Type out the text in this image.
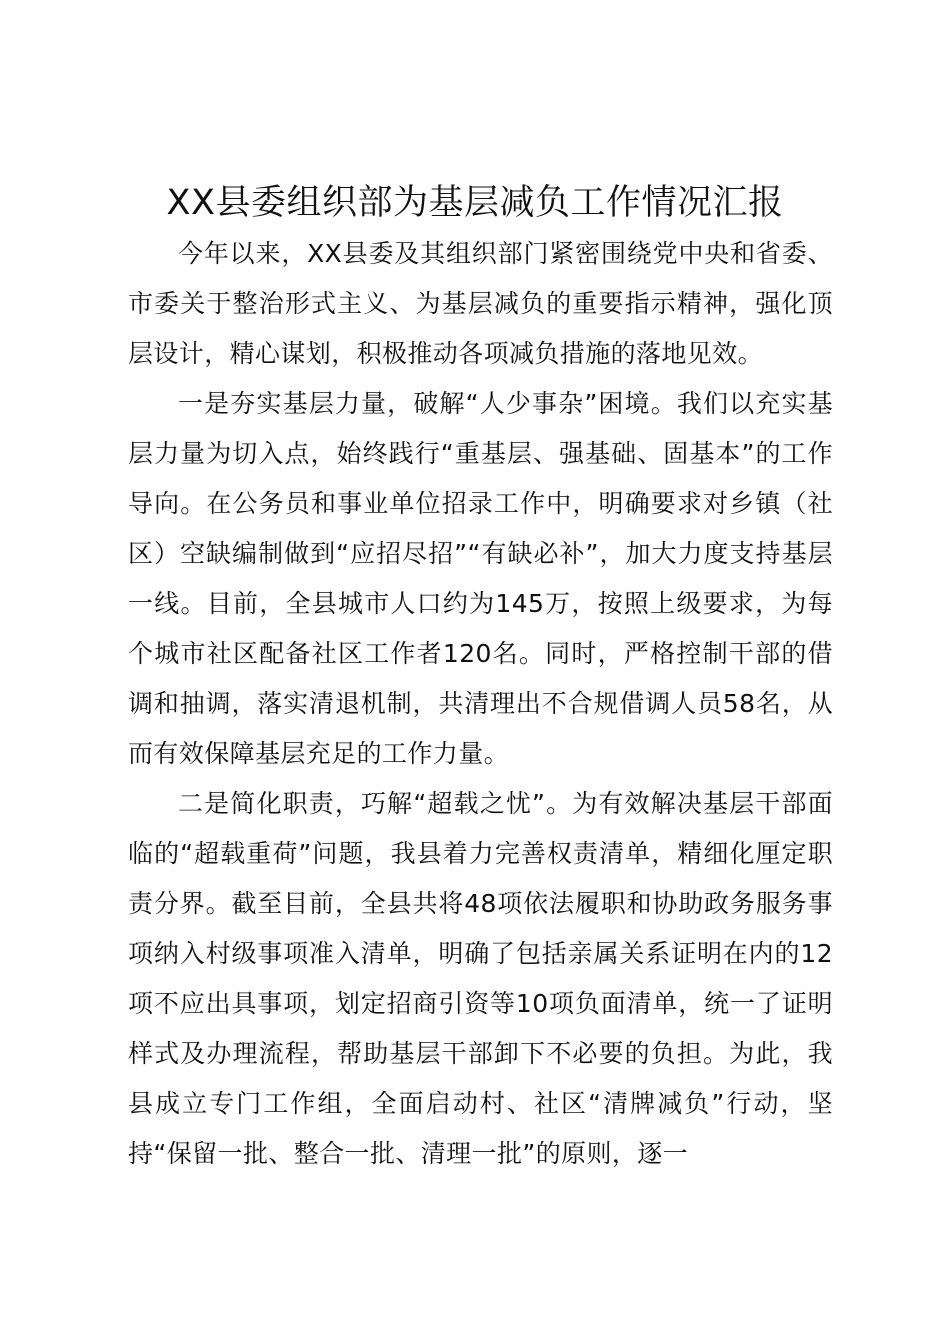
XX县委组织部为基层减负工作情况汇报

今年以来，XX县委及其组织部门紧密围绕党中央和省委、市委关于整治形式主义、为基层减负的重要指示精神，强化顶层设计，精心谋划，积极推动各项减负措施的落地见效。

一是夯实基层力量，破解“人少事杂”困境。我们以充实基层力量为切入点，始终践行“重基层、强基础、固基本”的工作导向。在公务员和事业单位招录工作中，明确要求对乡镇（社区）空缺编制做到“应招尽招”“有缺必补”，加大力度支持基层一线。目前，全县城市人口约为145万，按照上级要求，为每个城市社区配备社区工作者120名。同时，严格控制干部的借调和抽调，落实清退机制，共清理出不合规借调人员58名，从而有效保障基层充足的工作力量。

二是简化职责，巧解“超载之忧”。为有效解决基层干部面临的“超载重荷”问题，我县着力完善权责清单，精细化厘定职责分界。截至目前，全县共将48项依法履职和协助政务服务事项纳入村级事项准入清单，明确了包括亲属关系证明在内的12项不应出具事项，划定招商引资等10项负面清单，统一了证明样式及办理流程，帮助基层干部卸下不必要的负担。为此，我县成立专门工作组，全面启动村、社区“清牌减负”行动，坚持“保留一批、整合一批、清理一批”的原则，逐一
